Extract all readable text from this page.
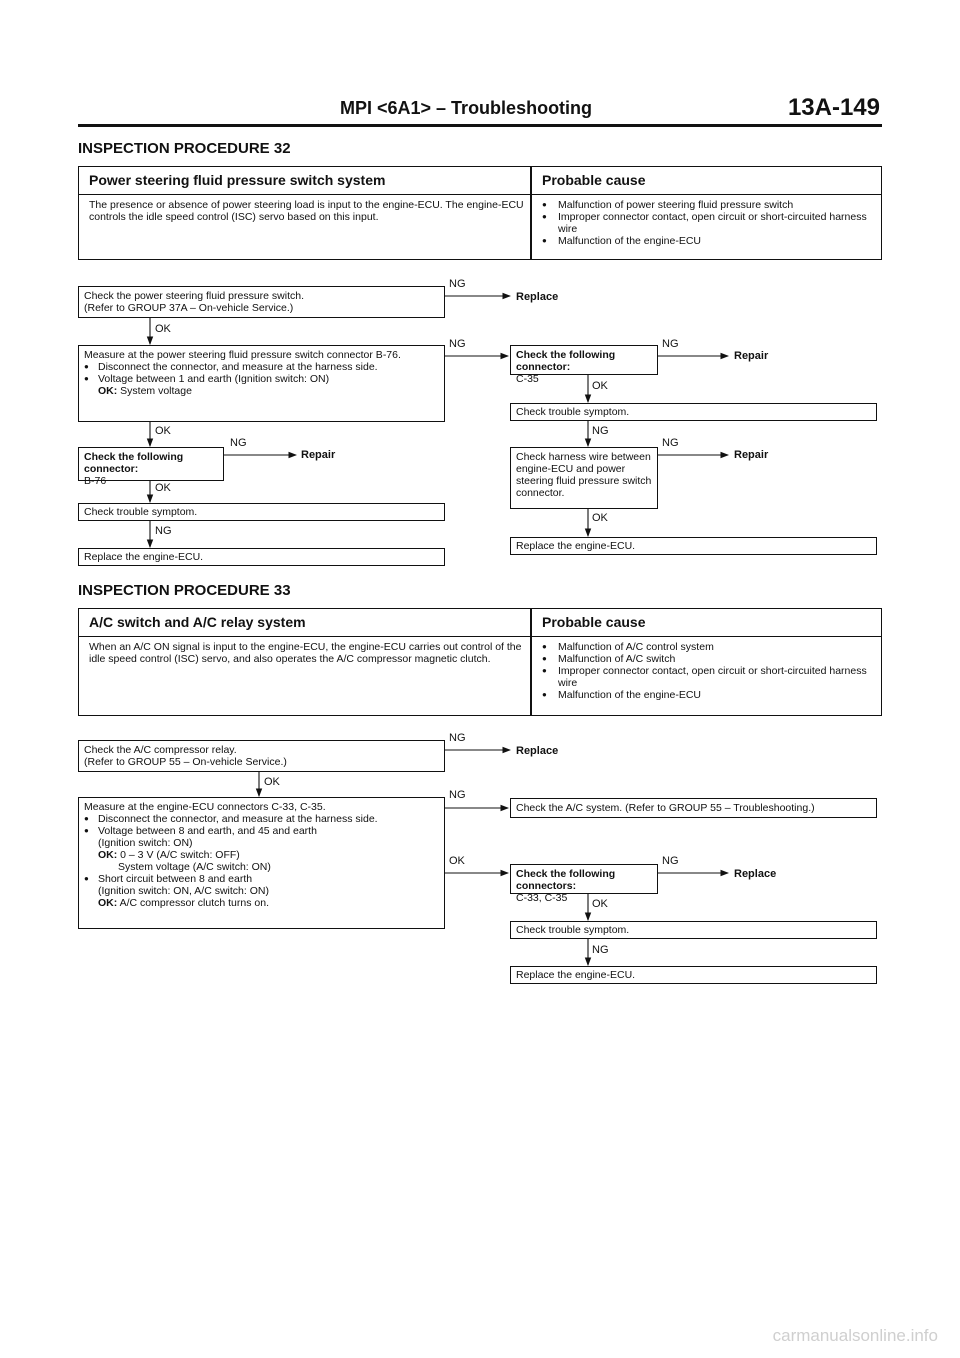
MPI <6A1> – Troubleshooting	13A-149
INSPECTION PROCEDURE 32
Power steering fluid pressure switch system
The presence or absence of power steering load is input to the engine-ECU. The engine-ECU controls the idle speed control (ISC) servo based on this input.
Probable cause
● Malfunction of power steering fluid pressure switch
● Improper connector contact, open circuit or short-circuited harness wire
● Malfunction of the engine-ECU
Check the power steering fluid pressure switch.
(Refer to GROUP 37A – On-vehicle Service.)
NG
Replace
OK
Measure at the power steering fluid pressure switch connector B-76.
● Disconnect the connector, and measure at the harness side.
● Voltage between 1 and earth (Ignition switch: ON)
OK: System voltage
NG
OK
Check the following connector:
B-76
NG
Repair
OK
Check trouble symptom.
NG
Replace the engine-ECU.
Check the following connector:
C-35
NG
Repair
OK
Check trouble symptom.
NG
Check harness wire between engine-ECU and power steering fluid pressure switch connector.
NG
Repair
OK
Replace the engine-ECU.
INSPECTION PROCEDURE 33
A/C switch and A/C relay system
When an A/C ON signal is input to the engine-ECU, the engine-ECU carries out control of the idle speed control (ISC) servo, and also operates the A/C compressor magnetic clutch.
Probable cause
● Malfunction of A/C control system
● Malfunction of A/C switch
● Improper connector contact, open circuit or short-circuited harness wire
● Malfunction of the engine-ECU
Check the A/C compressor relay.
(Refer to GROUP 55 – On-vehicle Service.)
NG
Replace
OK
Measure at the engine-ECU connectors C-33, C-35.
● Disconnect the connector, and measure at the harness side.
● Voltage between 8 and earth, and 45 and earth
(Ignition switch: ON)
OK: 0 – 3 V (A/C switch: OFF)
System voltage (A/C switch: ON)
● Short circuit between 8 and earth
(Ignition switch: ON, A/C switch: ON)
OK: A/C compressor clutch turns on.
NG
OK
Check the A/C system. (Refer to GROUP 55 – Troubleshooting.)
Check the following connectors:
C-33, C-35
NG
Replace
OK
Check trouble symptom.
NG
Replace the engine-ECU.
carmanualsonline.info
